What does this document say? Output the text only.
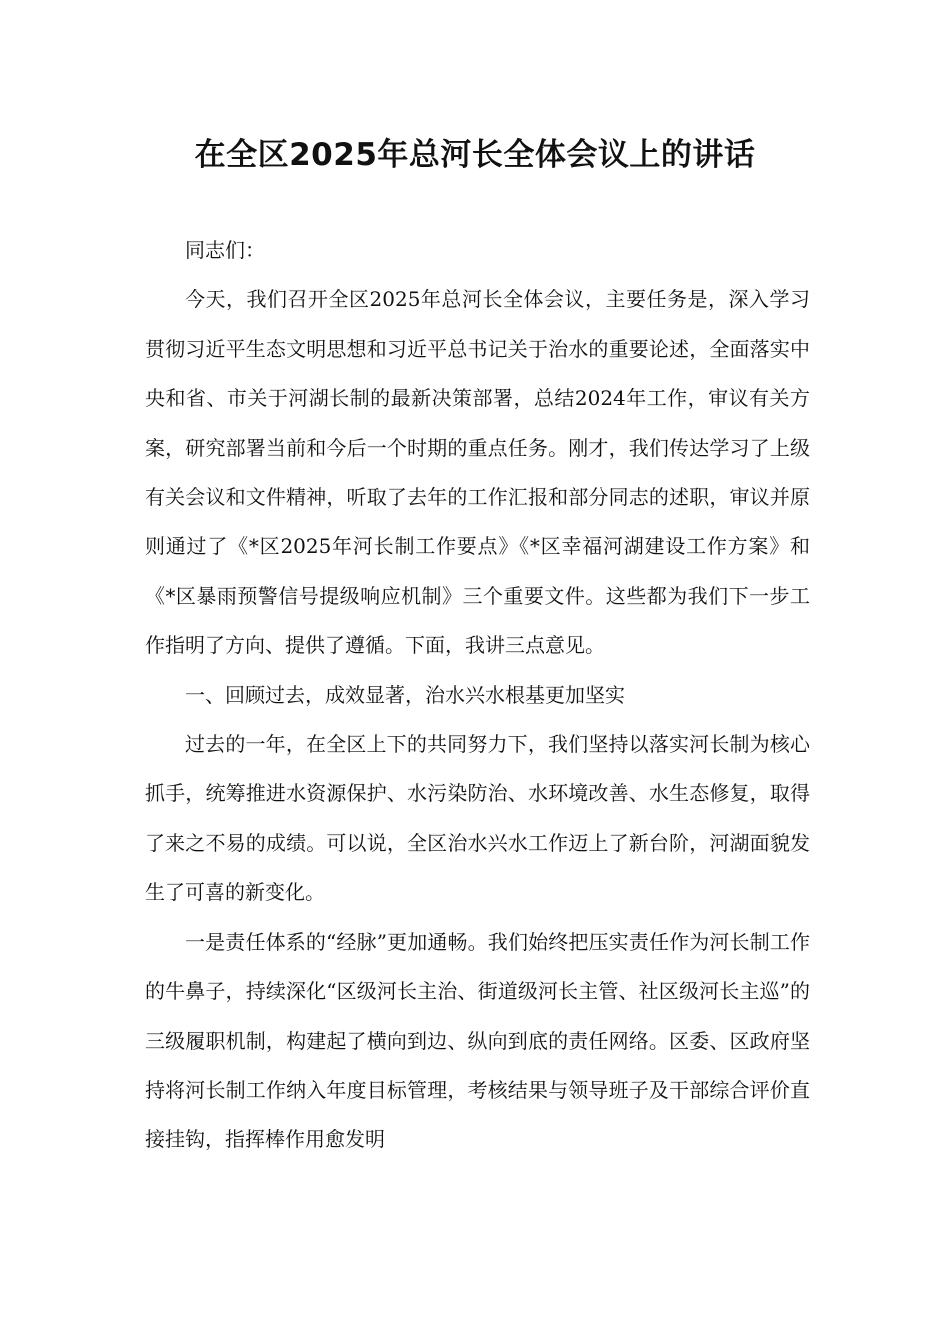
在全区2025年总河长全体会议上的讲话

同志们：

今天，我们召开全区2025年总河长全体会议，主要任务是，深入学习贯彻习近平生态文明思想和习近平总书记关于治水的重要论述，全面落实中央和省、市关于河湖长制的最新决策部署，总结2024年工作，审议有关方案，研究部署当前和今后一个时期的重点任务。刚才，我们传达学习了上级有关会议和文件精神，听取了去年的工作汇报和部分同志的述职，审议并原则通过了《*区2025年河长制工作要点》《*区幸福河湖建设工作方案》和《*区暴雨预警信号提级响应机制》三个重要文件。这些都为我们下一步工作指明了方向、提供了遵循。下面，我讲三点意见。

一、回顾过去，成效显著，治水兴水根基更加坚实

过去的一年，在全区上下的共同努力下，我们坚持以落实河长制为核心抓手，统筹推进水资源保护、水污染防治、水环境改善、水生态修复，取得了来之不易的成绩。可以说，全区治水兴水工作迈上了新台阶，河湖面貌发生了可喜的新变化。

一是责任体系的“经脉”更加通畅。我们始终把压实责任作为河长制工作的牛鼻子，持续深化“区级河长主治、街道级河长主管、社区级河长主巡”的三级履职机制，构建起了横向到边、纵向到底的责任网络。区委、区政府坚持将河长制工作纳入年度目标管理，考核结果与领导班子及干部综合评价直接挂钩，指挥棒作用愈发明
